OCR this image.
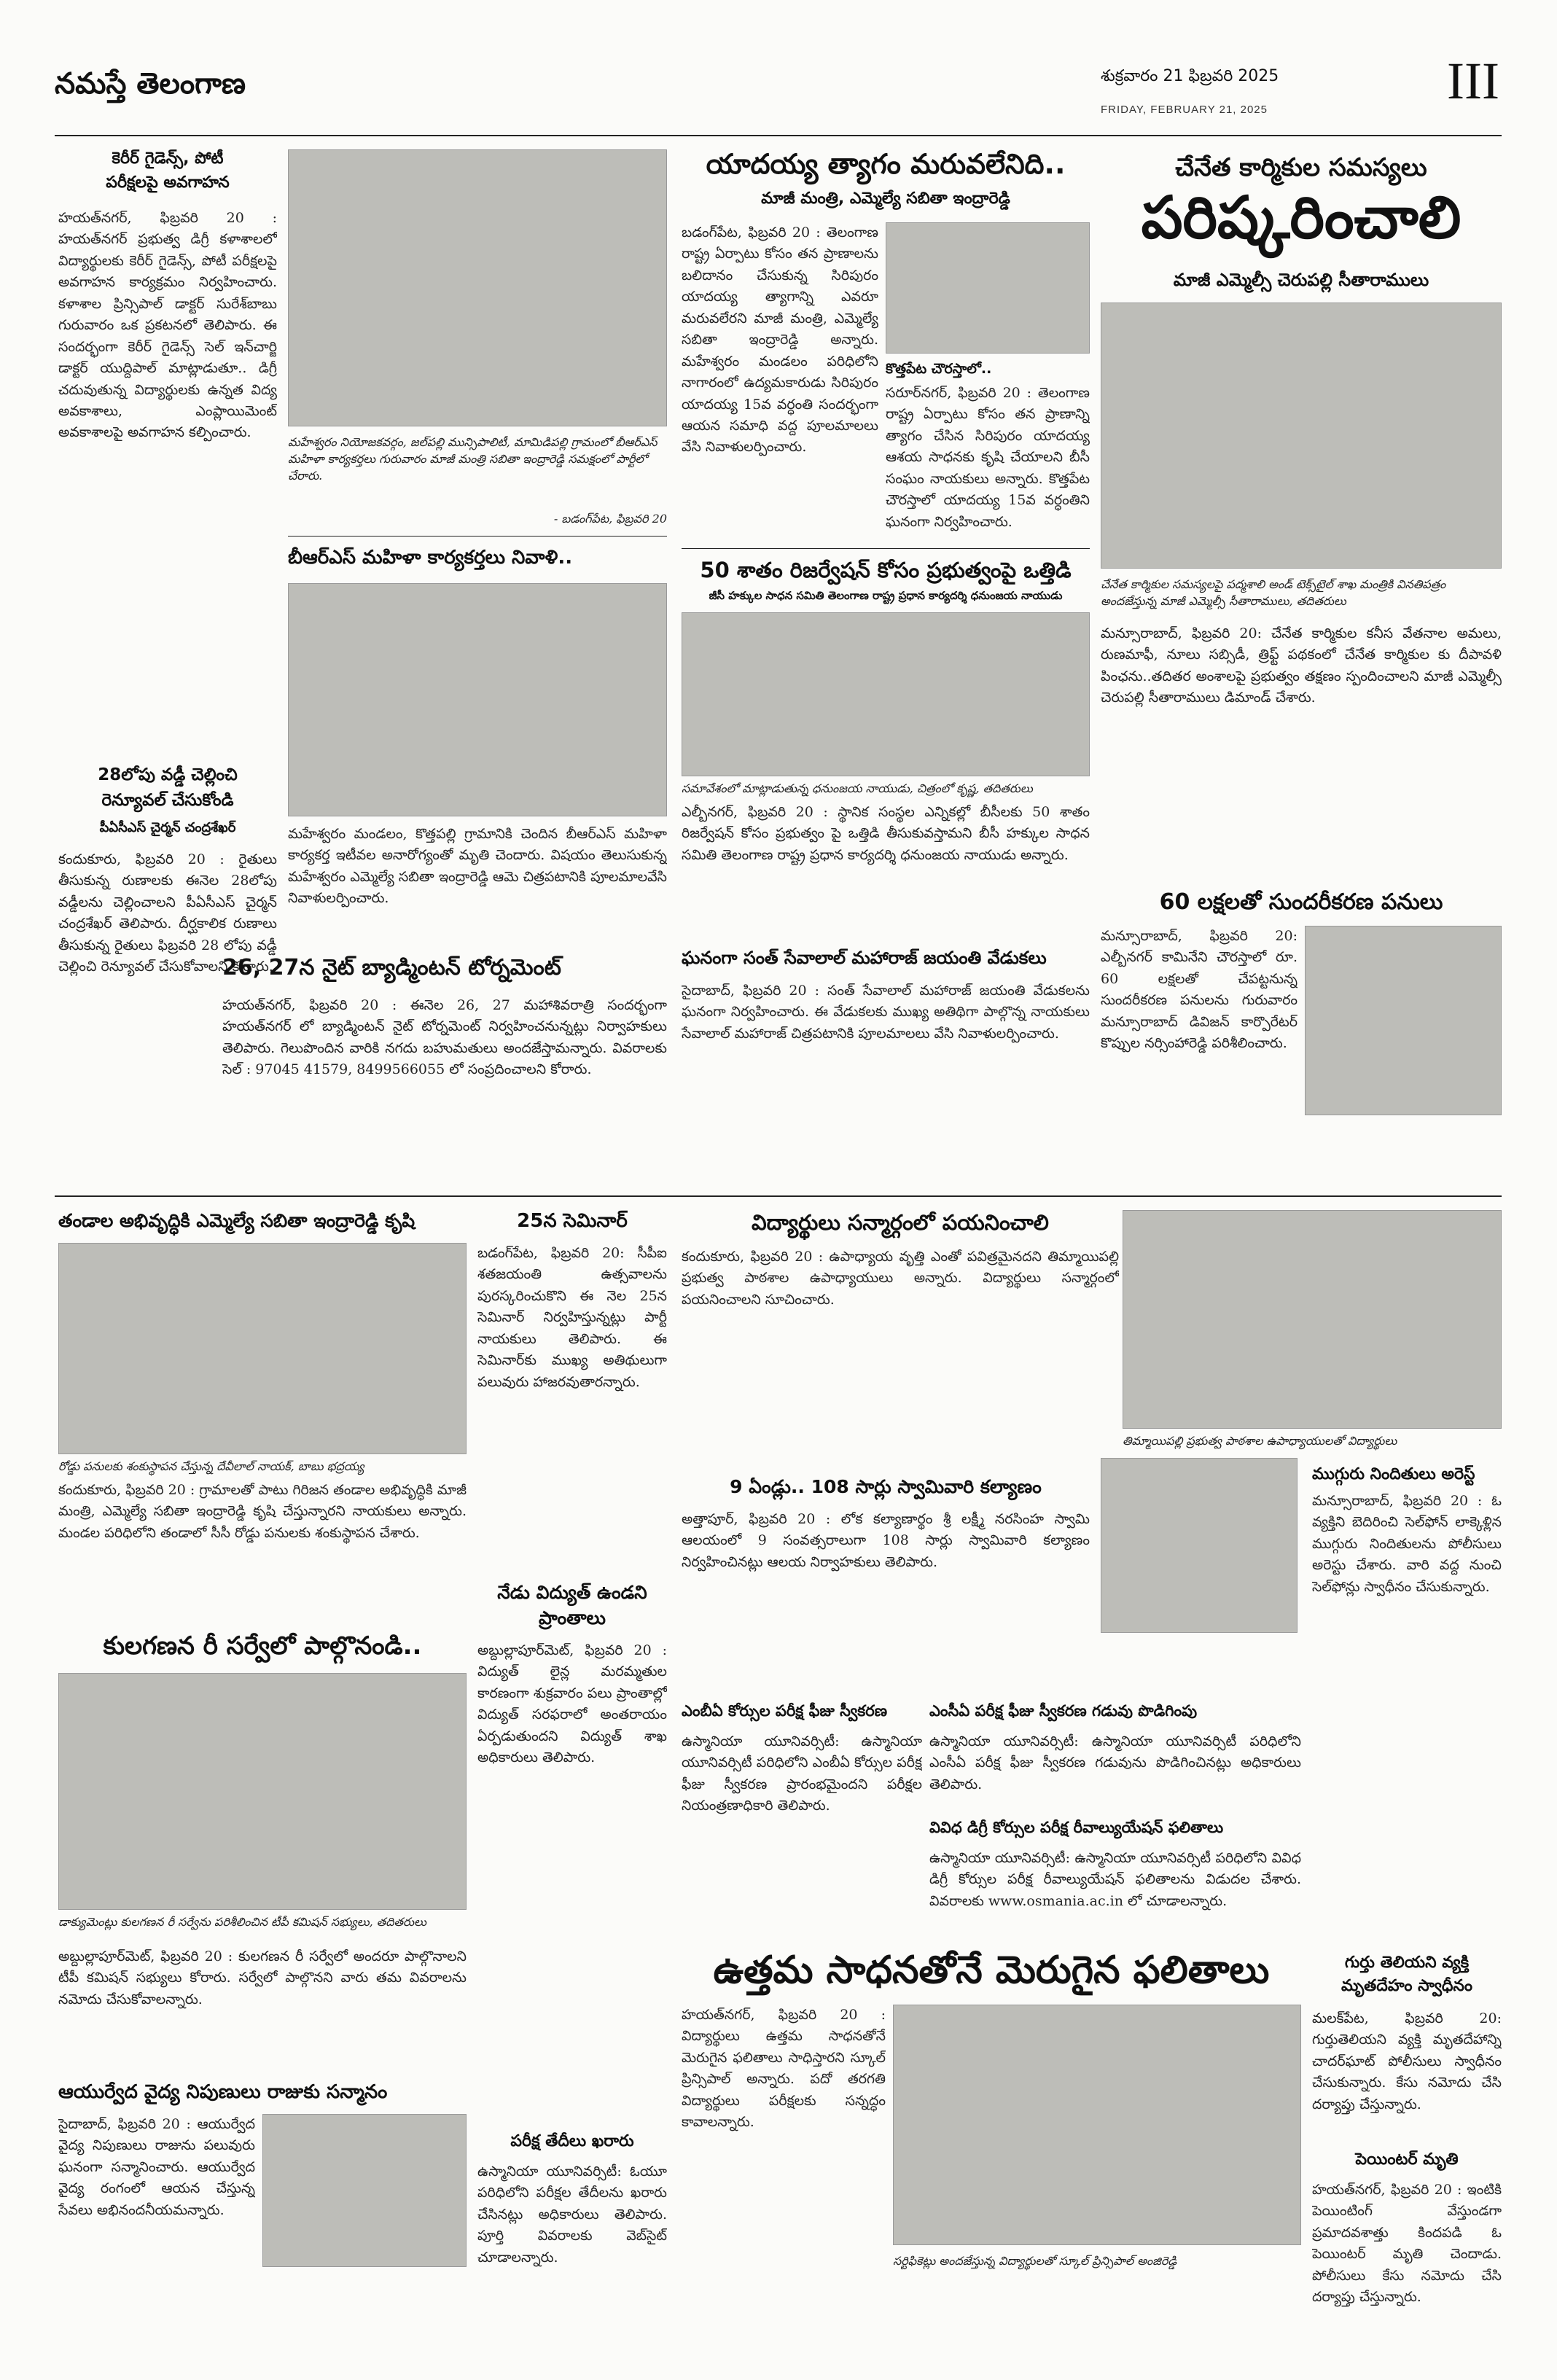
నమస్తే తెలంగాణ	శుక్రవారం 21 ఫిబ్రవరి 2025
FRIDAY, FEBRUARY 21, 2025	III
కెరీర్ గైడెన్స్, పోటీ
పరీక్షలపై అవగాహన
హయత్‌నగర్, ఫిబ్రవరి 20 : హయత్‌నగర్ ప్రభుత్వ డిగ్రీ కళాశాలలో విద్యార్థులకు కెరీర్ గైడెన్స్, పోటీ పరీక్షలపై అవగాహన కార్యక్రమం నిర్వహించారు. కళాశాల ప్రిన్సిపాల్ డాక్టర్ సురేశ్‌బాబు గురువారం ఒక ప్రకటనలో తెలిపారు. ఈ సందర్భంగా కెరీర్ గైడెన్స్ సెల్ ఇన్‌చార్జి డాక్టర్ యుద్దిపాల్ మాట్లాడుతూ.. డిగ్రీ చదువుతున్న విద్యార్థులకు ఉన్నత విద్య అవకాశాలు, ఎంప్లాయిమెంట్ అవకాశాలపై అవగాహన కల్పించారు.
28లోపు వడ్డీ చెల్లించి
రెన్యూవల్ చేసుకోండి
పీఏసీఎస్ చైర్మన్ చంద్రశేఖర్
కందుకూరు, ఫిబ్రవరి 20 : రైతులు తీసుకున్న రుణాలకు ఈనెల 28లోపు వడ్డీలను చెల్లించాలని పీఏసీఎస్ చైర్మన్ చంద్రశేఖర్ తెలిపారు. దీర్ఘకాలిక రుణాలు తీసుకున్న రైతులు ఫిబ్రవరి 28 లోపు వడ్డీ చెల్లించి రెన్యూవల్ చేసుకోవాలని కోరారు.
మహేశ్వరం నియోజకవర్గం, జల్‌పల్లి మున్సిపాలిటీ, మామిడిపల్లి గ్రామంలో బీఆర్ఎస్ మహిళా కార్యకర్తలు గురువారం మాజీ మంత్రి సబితా ఇంద్రారెడ్డి సమక్షంలో పార్టీలో చేరారు.
- బడంగ్‌పేట, ఫిబ్రవరి 20
బీఆర్ఎస్ మహిళా కార్యకర్తలు నివాళి..
మహేశ్వరం మండలం, కొత్తపల్లి గ్రామానికి చెందిన బీఆర్ఎస్ మహిళా కార్యకర్త ఇటీవల అనారోగ్యంతో మృతి చెందారు. విషయం తెలుసుకున్న మహేశ్వరం ఎమ్మెల్యే సబితా ఇంద్రారెడ్డి ఆమె చిత్రపటానికి పూలమాలవేసి నివాళులర్పించారు.
26, 27న నైట్ బ్యాడ్మింటన్ టోర్నమెంట్
హయత్‌నగర్, ఫిబ్రవరి 20 : ఈనెల 26, 27 మహాశివరాత్రి సందర్భంగా హయత్‌నగర్ లో బ్యాడ్మింటన్ నైట్ టోర్నమెంట్ నిర్వహించనున్నట్లు నిర్వాహకులు తెలిపారు. గెలుపొందిన వారికి నగదు బహుమతులు అందజేస్తామన్నారు. వివరాలకు సెల్ : 97045 41579, 8499566055 లో సంప్రదించాలని కోరారు.
యాదయ్య త్యాగం మరువలేనిది..
మాజీ మంత్రి, ఎమ్మెల్యే సబితా ఇంద్రారెడ్డి
బడంగ్‌పేట, ఫిబ్రవరి 20 : తెలంగాణ రాష్ట్ర ఏర్పాటు కోసం తన ప్రాణాలను బలిదానం చేసుకున్న సిరిపురం యాదయ్య త్యాగాన్ని ఎవరూ మరువలేరని మాజీ మంత్రి, ఎమ్మెల్యే సబితా ఇంద్రారెడ్డి అన్నారు. మహేశ్వరం మండలం పరిధిలోని నాగారంలో ఉద్యమకారుడు సిరిపురం యాదయ్య 15వ వర్ధంతి సందర్భంగా ఆయన సమాధి వద్ద పూలమాలలు వేసి నివాళులర్పించారు.
కొత్తపేట చౌరస్తాలో..
సరూర్‌నగర్, ఫిబ్రవరి 20 : తెలంగాణ రాష్ట్ర ఏర్పాటు కోసం తన ప్రాణాన్ని త్యాగం చేసిన సిరిపురం యాదయ్య ఆశయ సాధనకు కృషి చేయాలని బీసీ సంఘం నాయకులు అన్నారు. కొత్తపేట చౌరస్తాలో యాదయ్య 15వ వర్ధంతిని ఘనంగా నిర్వహించారు.
50 శాతం రిజర్వేషన్ కోసం ప్రభుత్వంపై ఒత్తిడి
జీసీ హక్కుల సాధన సమితి తెలంగాణ రాష్ట్ర ప్రధాన కార్యదర్శి ధనుంజయ నాయుడు
సమావేశంలో మాట్లాడుతున్న ధనుంజయ నాయుడు, చిత్రంలో కృష్ణ, తదితరులు
ఎల్బీనగర్, ఫిబ్రవరి 20 : స్థానిక సంస్థల ఎన్నికల్లో బీసీలకు 50 శాతం రిజర్వేషన్ కోసం ప్రభుత్వం పై ఒత్తిడి తీసుకువస్తామని బీసీ హక్కుల సాధన సమితి తెలంగాణ రాష్ట్ర ప్రధాన కార్యదర్శి ధనుంజయ నాయుడు అన్నారు.
ఘనంగా సంత్ సేవాలాల్ మహారాజ్ జయంతి వేడుకలు
సైదాబాద్, ఫిబ్రవరి 20 : సంత్ సేవాలాల్ మహారాజ్ జయంతి వేడుకలను ఘనంగా నిర్వహించారు. ఈ వేడుకలకు ముఖ్య అతిథిగా పాల్గొన్న నాయకులు సేవాలాల్ మహారాజ్ చిత్రపటానికి పూలమాలలు వేసి నివాళులర్పించారు.
చేనేత కార్మికుల సమస్యలు
పరిష్కరించాలి
మాజీ ఎమ్మెల్సీ చెరుపల్లి సీతారాములు
చేనేత కార్మికుల సమస్యలపై పద్మశాలి అండ్ టెక్స్‌టైల్ శాఖ మంత్రికి వినతిపత్రం అందజేస్తున్న మాజీ ఎమ్మెల్సీ సీతారాములు, తదితరులు
మన్సూరాబాద్, ఫిబ్రవరి 20: చేనేత కార్మికుల కనీస వేతనాల అమలు, రుణమాఫీ, నూలు సబ్సిడీ, త్రిఫ్ట్ పథకంలో చేనేత కార్మికుల కు దీపావళి పింఛను..తదితర అంశాలపై ప్రభుత్వం తక్షణం స్పందించాలని మాజీ ఎమ్మెల్సీ చెరుపల్లి సీతారాములు డిమాండ్ చేశారు.
60 లక్షలతో సుందరీకరణ పనులు
మన్సూరాబాద్, ఫిబ్రవరి 20: ఎల్బీనగర్ కామినేని చౌరస్తాలో రూ. 60 లక్షలతో చేపట్టనున్న సుందరీకరణ పనులను గురువారం మన్సూరాబాద్ డివిజన్ కార్పొరేటర్ కొప్పుల నర్సింహారెడ్డి పరిశీలించారు.
తండాల అభివృద్ధికి ఎమ్మెల్యే సబితా ఇంద్రారెడ్డి కృషి
రోడ్డు పనులకు శంకుస్థాపన చేస్తున్న దేవీలాల్ నాయక్, బాబు భద్రయ్య
కందుకూరు, ఫిబ్రవరి 20 : గ్రామాలతో పాటు గిరిజన తండాల అభివృద్ధికి మాజీ మంత్రి, ఎమ్మెల్యే సబితా ఇంద్రారెడ్డి కృషి చేస్తున్నారని నాయకులు అన్నారు. మండల పరిధిలోని తండాలో సీసీ రోడ్డు పనులకు శంకుస్థాపన చేశారు.
కులగణన రీ సర్వేలో పాల్గొనండి..
డాక్యుమెంట్లు కులగణన రీ సర్వేను పరిశీలించిన టీపీ కమిషన్ సభ్యులు, తదితరులు
అబ్దుల్లాపూర్‌మెట్, ఫిబ్రవరి 20 : కులగణన రీ సర్వేలో అందరూ పాల్గొనాలని టీపీ కమిషన్ సభ్యులు కోరారు. సర్వేలో పాల్గొనని వారు తమ వివరాలను నమోదు చేసుకోవాలన్నారు.
ఆయుర్వేద వైద్య నిపుణులు రాజుకు సన్మానం
సైదాబాద్, ఫిబ్రవరి 20 : ఆయుర్వేద వైద్య నిపుణులు రాజును పలువురు ఘనంగా సన్మానించారు. ఆయుర్వేద వైద్య రంగంలో ఆయన చేస్తున్న సేవలు అభినందనీయమన్నారు.
25న సెమినార్
బడంగ్‌పేట, ఫిబ్రవరి 20: సీపీఐ శతజయంతి ఉత్సవాలను పురస్కరించుకొని ఈ నెల 25న సెమినార్ నిర్వహిస్తున్నట్లు పార్టీ నాయకులు తెలిపారు. ఈ సెమినార్‌కు ముఖ్య అతిథులుగా పలువురు హాజరవుతారన్నారు.
నేడు విద్యుత్ ఉండని
ప్రాంతాలు
అబ్దుల్లాపూర్‌మెట్, ఫిబ్రవరి 20 : విద్యుత్ లైన్ల మరమ్మతుల కారణంగా శుక్రవారం పలు ప్రాంతాల్లో విద్యుత్ సరఫరాలో అంతరాయం ఏర్పడుతుందని విద్యుత్ శాఖ అధికారులు తెలిపారు.
పరీక్ష తేదీలు ఖరారు
ఉస్మానియా యూనివర్సిటీ: ఓయూ పరిధిలోని పరీక్షల తేదీలను ఖరారు చేసినట్లు అధికారులు తెలిపారు. పూర్తి వివరాలకు వెబ్‌సైట్ చూడాలన్నారు.
విద్యార్థులు సన్మార్గంలో పయనించాలి
కందుకూరు, ఫిబ్రవరి 20 : ఉపాధ్యాయ వృత్తి ఎంతో పవిత్రమైనదని తిమ్మాయిపల్లి ప్రభుత్వ పాఠశాల ఉపాధ్యాయులు అన్నారు. విద్యార్థులు సన్మార్గంలో పయనించాలని సూచించారు.
తిమ్మాయిపల్లి ప్రభుత్వ పాఠశాల ఉపాధ్యాయులతో విద్యార్థులు
9 ఏండ్లు.. 108 సార్లు స్వామివారి కల్యాణం
అత్తాపూర్, ఫిబ్రవరి 20 : లోక కల్యాణార్థం శ్రీ లక్ష్మీ నరసింహ స్వామి ఆలయంలో 9 సంవత్సరాలుగా 108 సార్లు స్వామివారి కల్యాణం నిర్వహించినట్లు ఆలయ నిర్వాహకులు తెలిపారు.
ఎంబీఏ కోర్సుల పరీక్ష ఫీజు స్వీకరణ
ఉస్మానియా యూనివర్సిటీ: ఉస్మానియా యూనివర్సిటీ పరిధిలోని ఎంబీఏ కోర్సుల పరీక్ష ఫీజు స్వీకరణ ప్రారంభమైందని పరీక్షల నియంత్రణాధికారి తెలిపారు.
ఎంసీఏ పరీక్ష ఫీజు స్వీకరణ గడువు పొడిగింపు
ఉస్మానియా యూనివర్సిటీ: ఉస్మానియా యూనివర్సిటీ పరిధిలోని ఎంసీఏ పరీక్ష ఫీజు స్వీకరణ గడువును పొడిగించినట్లు అధికారులు తెలిపారు.
వివిధ డిగ్రీ కోర్సుల పరీక్ష రీవాల్యుయేషన్ ఫలితాలు
ఉస్మానియా యూనివర్సిటీ: ఉస్మానియా యూనివర్సిటీ పరిధిలోని వివిధ డిగ్రీ కోర్సుల పరీక్ష రీవాల్యుయేషన్ ఫలితాలను విడుదల చేశారు. వివరాలకు www.osmania.ac.in లో చూడాలన్నారు.
ఉత్తమ సాధనతోనే మెరుగైన ఫలితాలు
హయత్‌నగర్, ఫిబ్రవరి 20 : విద్యార్థులు ఉత్తమ సాధనతోనే మెరుగైన ఫలితాలు సాధిస్తారని స్కూల్ ప్రిన్సిపాల్ అన్నారు. పదో తరగతి విద్యార్థులు పరీక్షలకు సన్నద్ధం కావాలన్నారు.
సర్టిఫికెట్లు అందజేస్తున్న విద్యార్థులతో స్కూల్ ప్రిన్సిపాల్ అంజిరెడ్డి
ముగ్గురు నిందితులు అరెస్ట్
మన్సూరాబాద్, ఫిబ్రవరి 20 : ఓ వ్యక్తిని బెదిరించి సెల్‌ఫోన్ లాక్కెళ్లిన ముగ్గురు నిందితులను పోలీసులు అరెస్టు చేశారు. వారి వద్ద నుంచి సెల్‌ఫోన్లు స్వాధీనం చేసుకున్నారు.
గుర్తు తెలియని వ్యక్తి
మృతదేహం స్వాధీనం
మలక్‌పేట, ఫిబ్రవరి 20: గుర్తుతెలియని వ్యక్తి మృతదేహాన్ని చాదర్‌ఘాట్ పోలీసులు స్వాధీనం చేసుకున్నారు. కేసు నమోదు చేసి దర్యాప్తు చేస్తున్నారు.
పెయింటర్ మృతి
హయత్‌నగర్, ఫిబ్రవరి 20 : ఇంటికి పెయింటింగ్ వేస్తుండగా ప్రమాదవశాత్తు కిందపడి ఓ పెయింటర్ మృతి చెందాడు. పోలీసులు కేసు నమోదు చేసి దర్యాప్తు చేస్తున్నారు.
